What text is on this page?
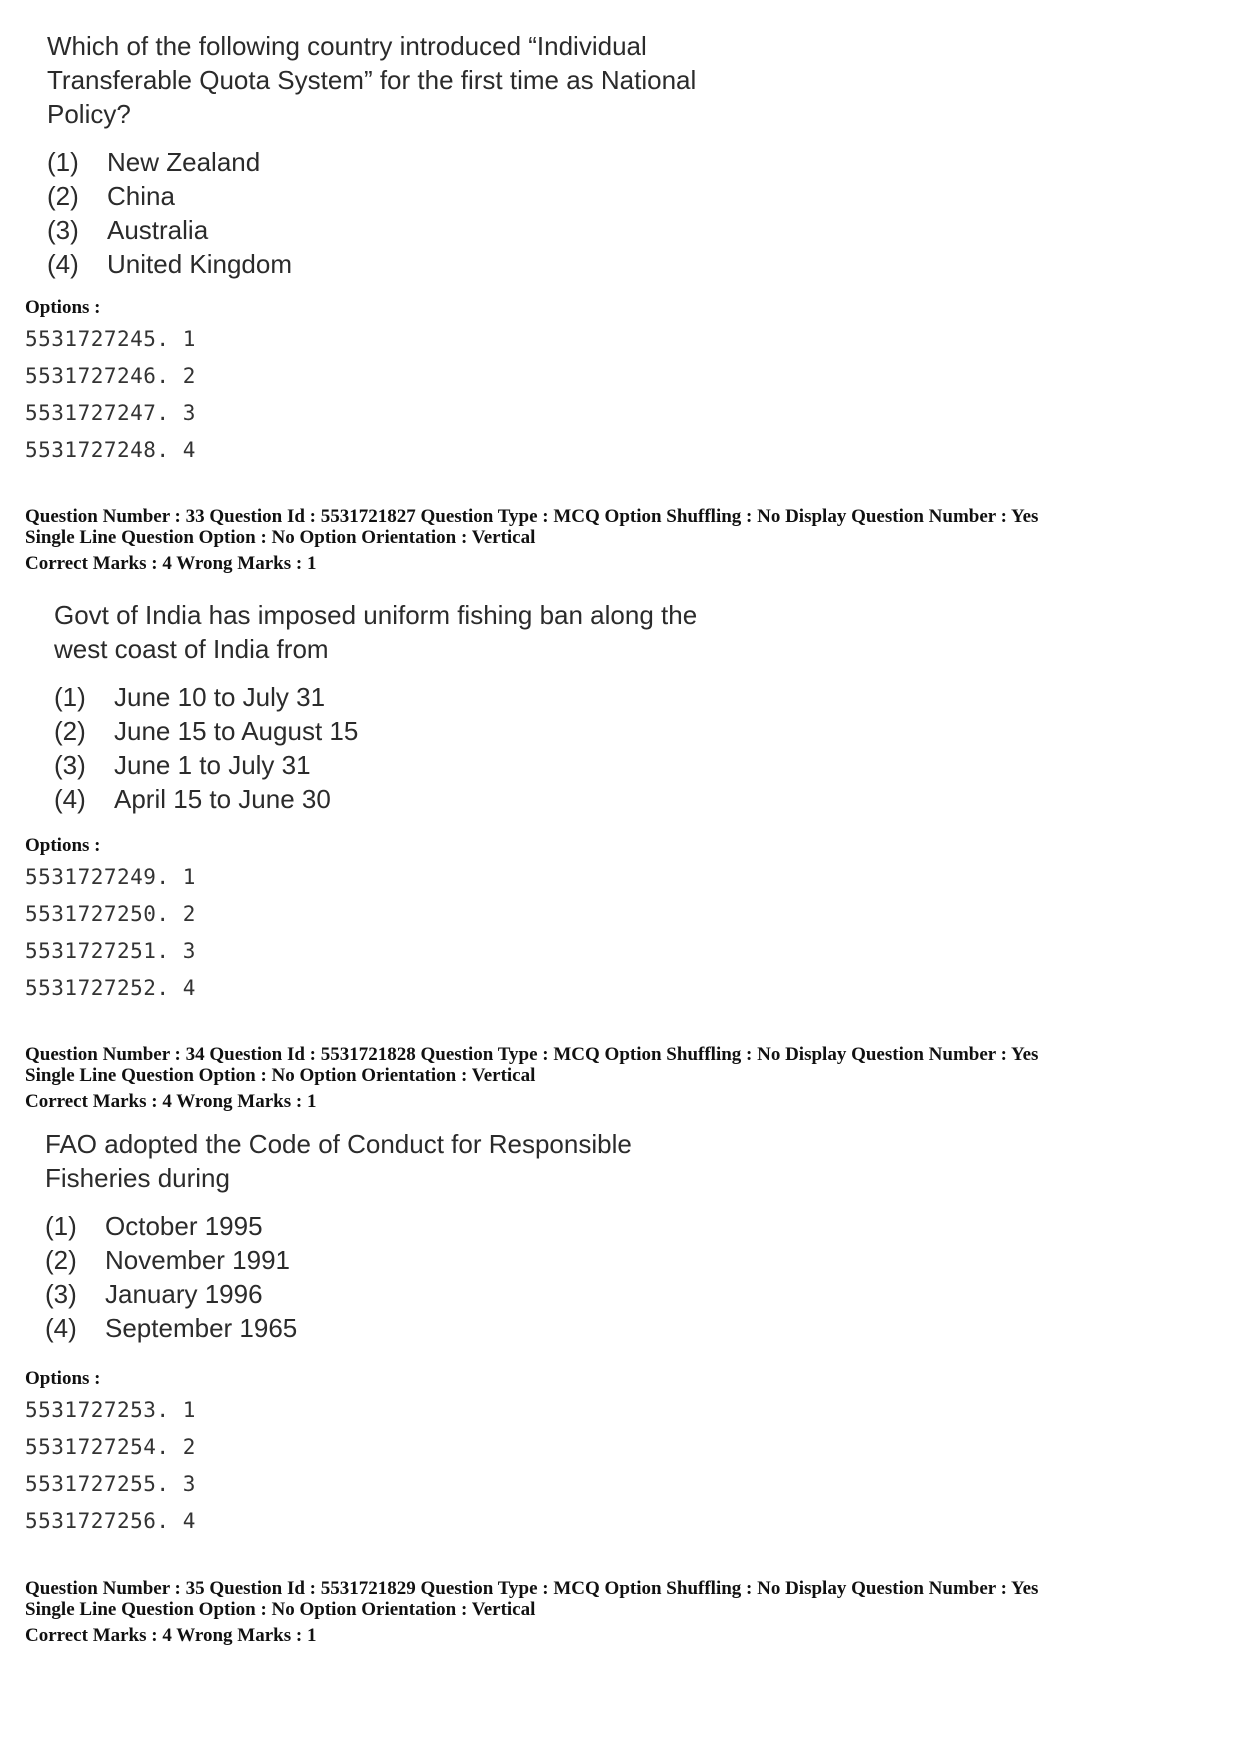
Which of the following country introduced “Individual
Transferable Quota System” for the first time as National
Policy?

(1)	New Zealand
(2)	China
(3)	Australia
(4)	United Kingdom
Options :
5531727245. 1
5531727246. 2
5531727247. 3
5531727248. 4
Question Number : 33 Question Id : 5531721827 Question Type : MCQ Option Shuffling : No Display Question Number : Yes
Single Line Question Option : No Option Orientation : Vertical
Correct Marks : 4 Wrong Marks : 1

Govt of India has imposed uniform fishing ban along the
west coast of India from

(1)	June 10 to July 31
(2)	June 15 to August 15
(3)	June 1 to July 31
(4)	April 15 to June 30
Options :
5531727249. 1
5531727250. 2
5531727251. 3
5531727252. 4
Question Number : 34 Question Id : 5531721828 Question Type : MCQ Option Shuffling : No Display Question Number : Yes
Single Line Question Option : No Option Orientation : Vertical
Correct Marks : 4 Wrong Marks : 1

FAO adopted the Code of Conduct for Responsible
Fisheries during

(1)	October 1995
(2)	November 1991
(3)	January 1996
(4)	September 1965
Options :
5531727253. 1
5531727254. 2
5531727255. 3
5531727256. 4
Question Number : 35 Question Id : 5531721829 Question Type : MCQ Option Shuffling : No Display Question Number : Yes
Single Line Question Option : No Option Orientation : Vertical
Correct Marks : 4 Wrong Marks : 1
